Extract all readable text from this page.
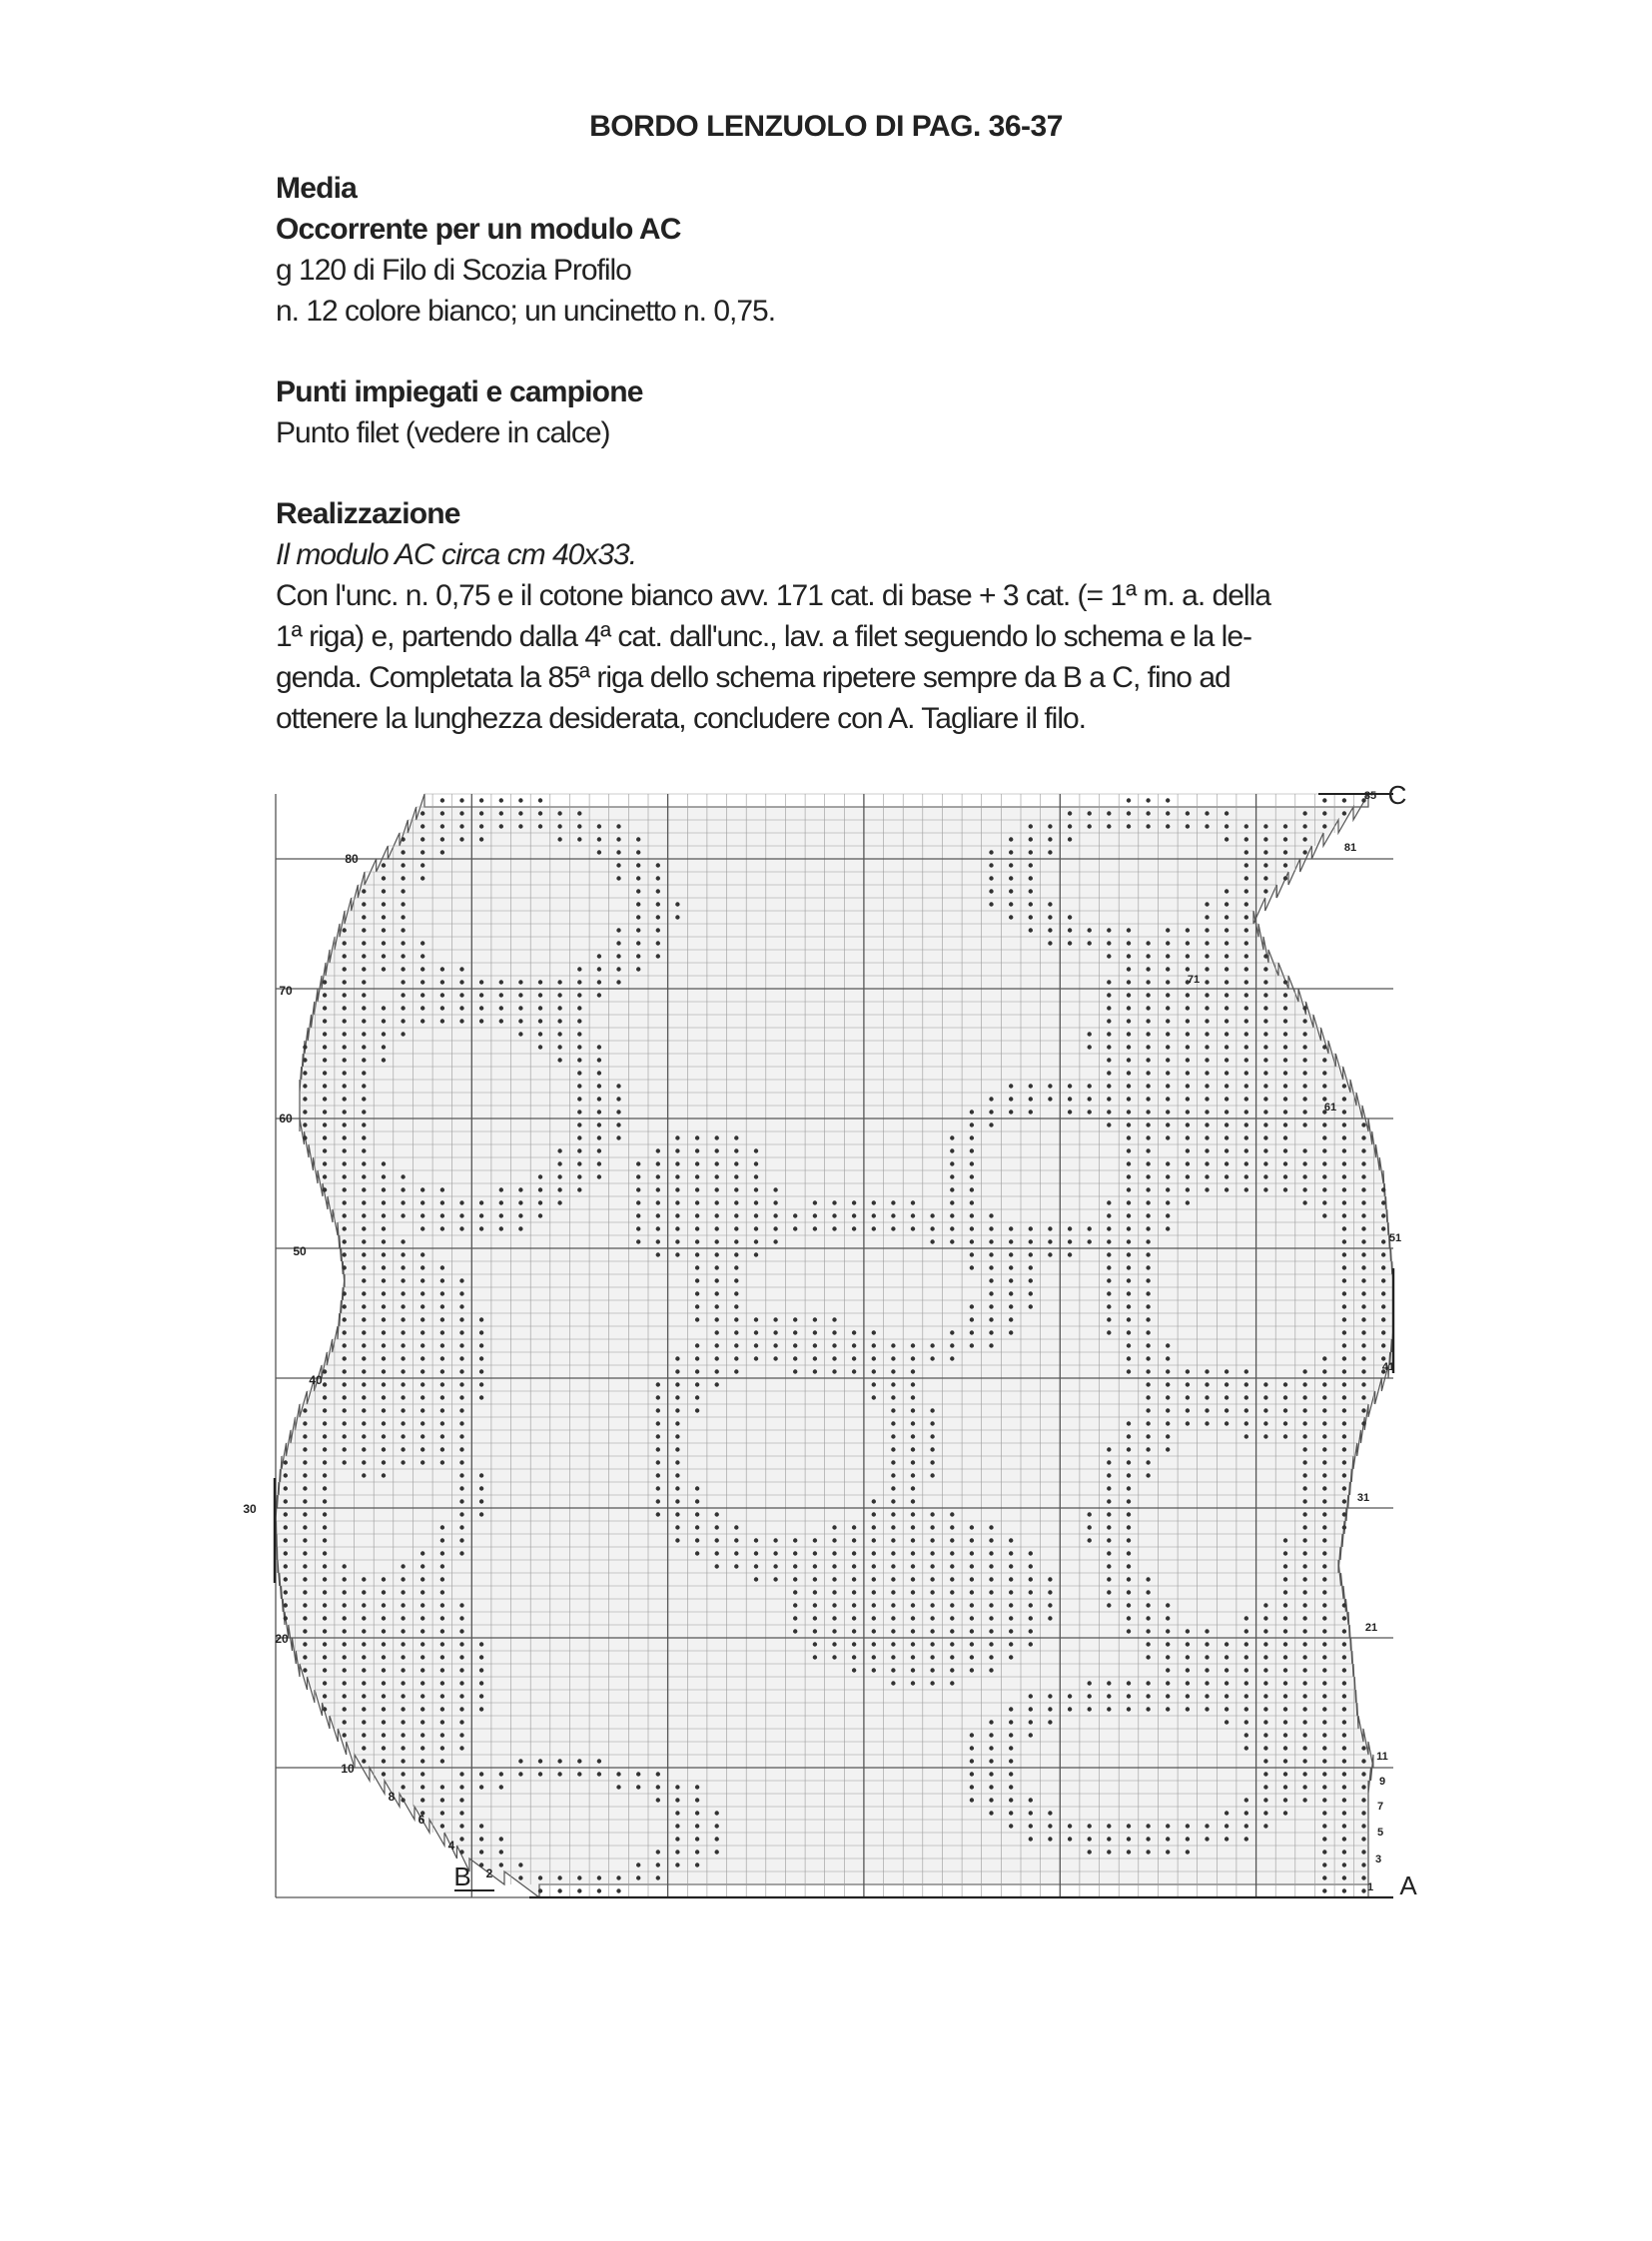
BORDO LENZUOLO DI PAG. 36-37

Media

Occorrente per un modulo AC

g 120 di Filo di Scozia Profilo

n. 12 colore bianco; un uncinetto n. 0,75.

Punti impiegati e campione

Punto filet (vedere in calce)

Realizzazione

Il modulo AC circa cm 40x33.

Con l'unc. n. 0,75 e il cotone bianco avv. 171 cat. di base + 3 cat. (= 1ª m. a. della

1ª riga) e, partendo dalla 4ª cat. dall'unc., lav. a filet seguendo lo schema e la le-

genda. Completata la 85ª riga dello schema ripetere sempre da B a C, fino ad

ottenere la lunghezza desiderata, concludere con A. Tagliare il filo.

2
4
6
8
10
20
30
40
50
60
70
80
1
3
5
7
9
11
21
31
41
51
61
71
81
85
A
B
C
